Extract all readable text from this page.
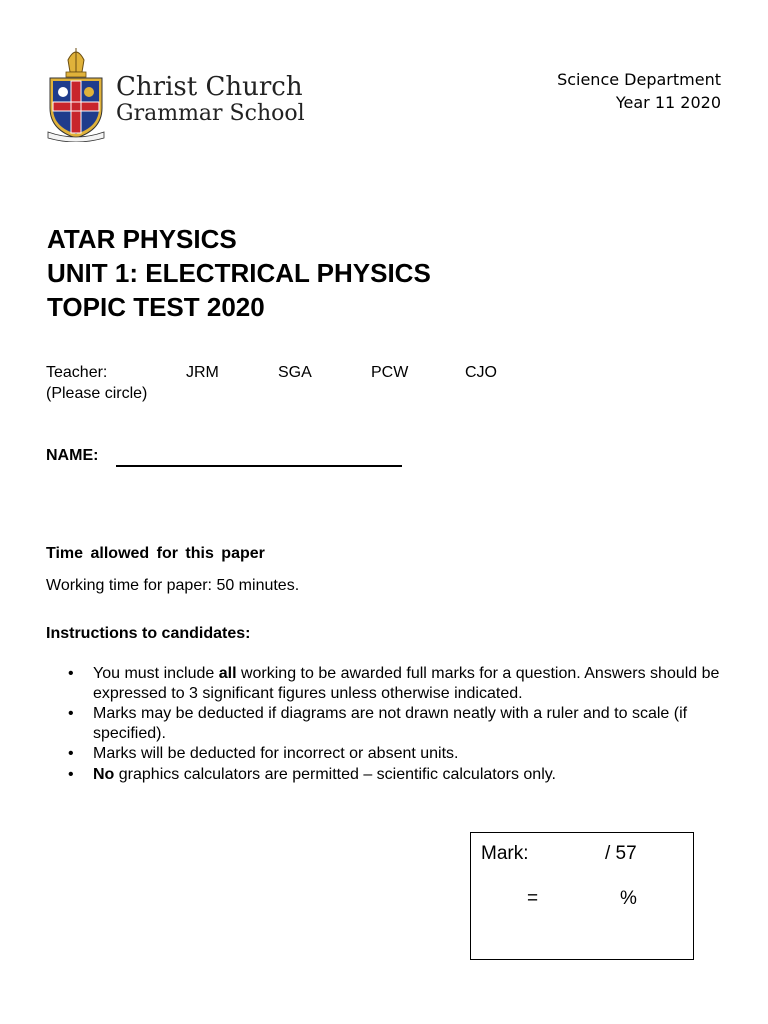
Christ Church
Grammar School
Science Department
Year 11 2020
ATAR PHYSICS
UNIT 1: ELECTRICAL PHYSICS
TOPIC TEST 2020
Teacher:	JRM	SGA	PCW	CJO
(Please circle)
NAME:
Time allowed for this paper
Working time for paper: 50 minutes.
Instructions to candidates:
• You must include all working to be awarded full marks for a question. Answers should be expressed to 3 significant figures unless otherwise indicated.
• Marks may be deducted if diagrams are not drawn neatly with a ruler and to scale (if specified).
• Marks will be deducted for incorrect or absent units.
• No graphics calculators are permitted – scientific calculators only.
Mark:	/ 57
=	%
